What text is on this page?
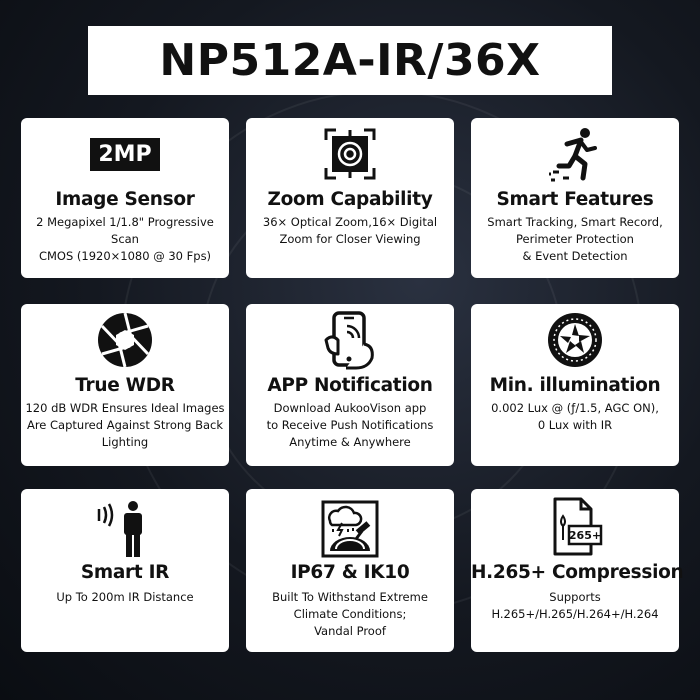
NP512A-IR/36X
2MP
Image Sensor
2 Megapixel 1/1.8" Progressive Scan
CMOS (1920×1080 @ 30 Fps)
Zoom Capability
36× Optical Zoom,16× Digital
Zoom for Closer Viewing
Smart Features
Smart Tracking, Smart Record,
Perimeter Protection
& Event Detection
True WDR
120 dB WDR Ensures Ideal Images
Are Captured Against Strong Back
Lighting
APP Notification
Download AukooVison app
to Receive Push Notifications
Anytime & Anywhere
Min. illumination
0.002 Lux @ (ƒ/1.5, AGC ON),
0 Lux with IR
Smart IR
Up To 200m IR Distance
IP67 & IK10
Built To Withstand Extreme
Climate Conditions;
Vandal Proof
265+
H.265+ Compression
Supports
H.265+/H.265/H.264+/H.264
